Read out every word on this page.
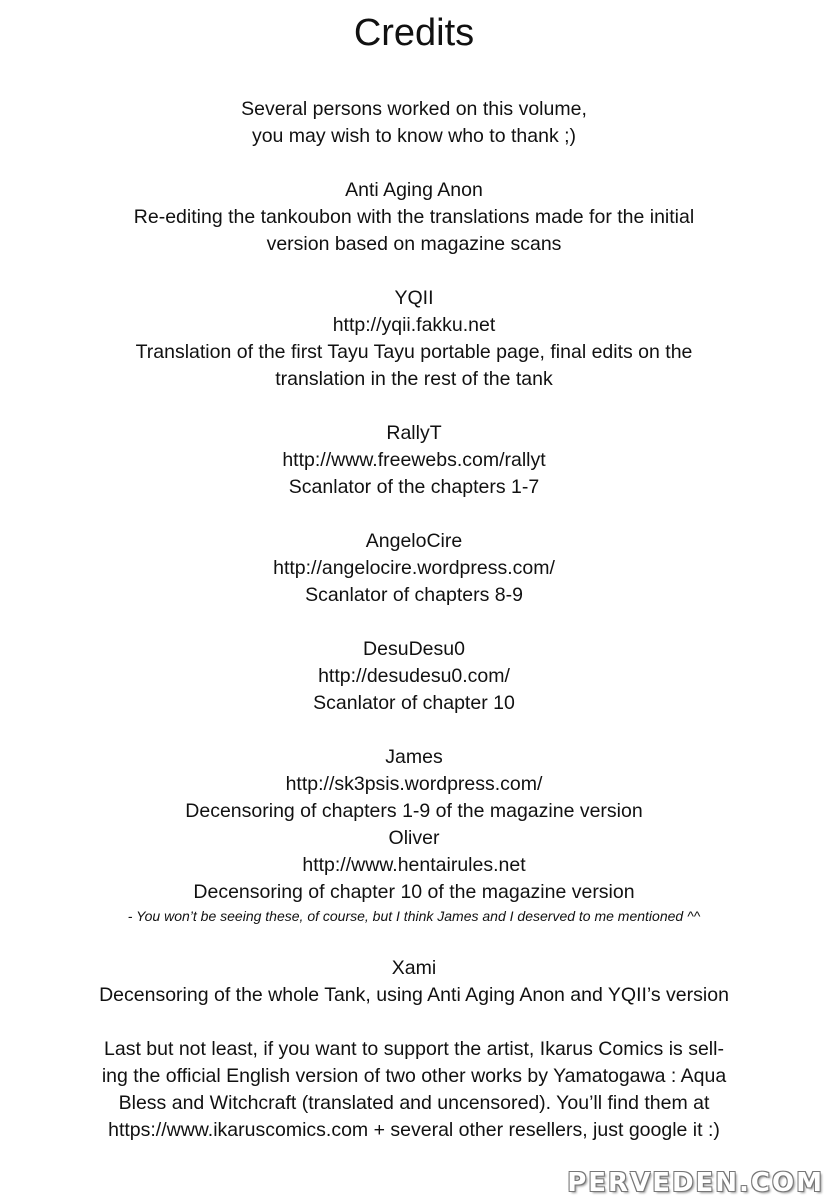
Credits
Several persons worked on this volume,
you may wish to know who to thank ;)
Anti Aging Anon
Re-editing the tankoubon with the translations made for the initial
version based on magazine scans
YQII
http://yqii.fakku.net
Translation of the first Tayu Tayu portable page, final edits on the
translation in the rest of the tank
RallyT
http://www.freewebs.com/rallyt
Scanlator of the chapters 1-7
AngeloCire
http://angelocire.wordpress.com/
Scanlator of chapters 8-9
DesuDesu0
http://desudesu0.com/
Scanlator of chapter 10
James
http://sk3psis.wordpress.com/
Decensoring of chapters 1-9 of the magazine version
Oliver
http://www.hentairules.net
Decensoring of chapter 10 of the magazine version
- You won’t be seeing these, of course, but I think James and I deserved to me mentioned ^^
Xami
Decensoring of the whole Tank, using Anti Aging Anon and YQII’s version
Last but not least, if you want to support the artist, Ikarus Comics is sell-
ing the official English version of two other works by Yamatogawa : Aqua
Bless and Witchcraft (translated and uncensored). You’ll find them at
https://www.ikaruscomics.com + several other resellers, just google it :)
PERVEDEN.COM
